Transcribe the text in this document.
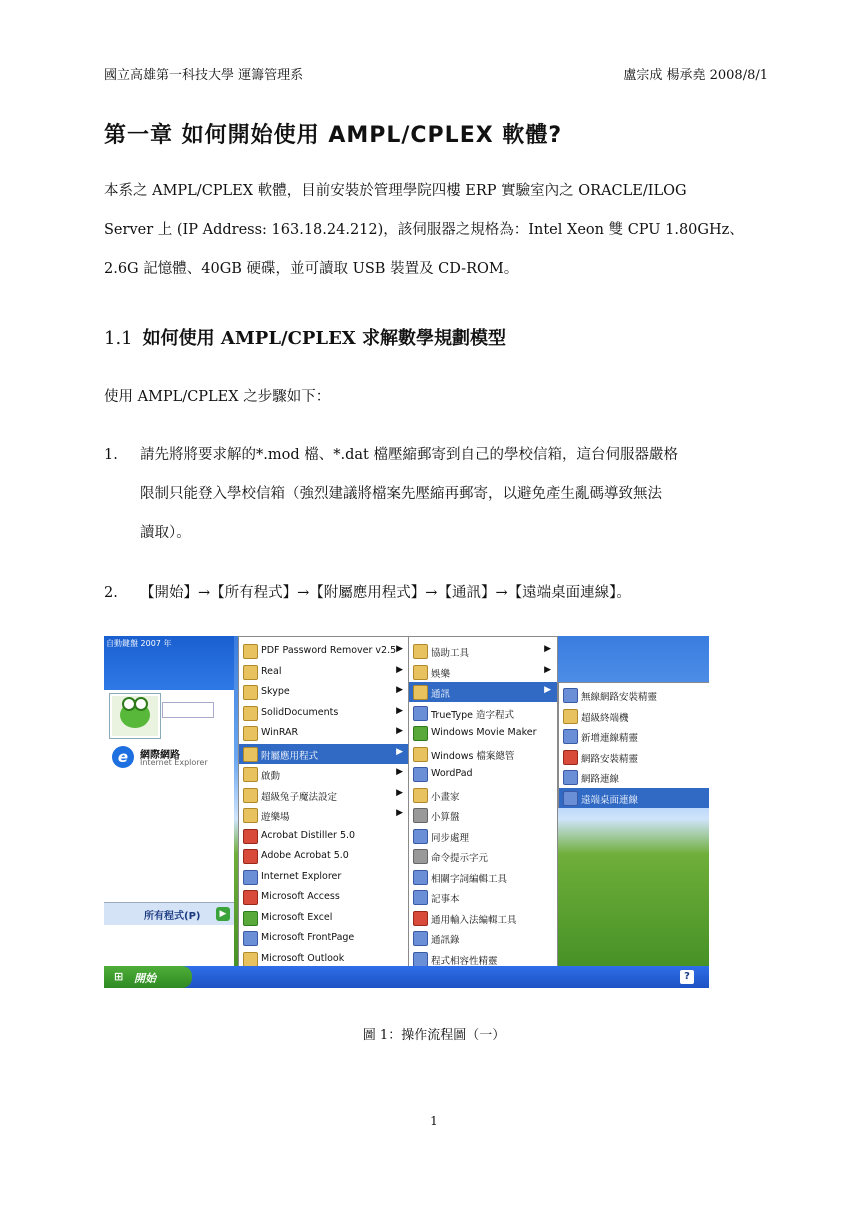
國立高雄第一科技大學 運籌管理系	盧宗成 楊承堯 2008/8/1
第一章 如何開始使用 AMPL/CPLEX 軟體?
本系之 AMPL/CPLEX 軟體，目前安裝於管理學院四樓 ERP 實驗室內之 ORACLE/ILOG
Server 上 (IP Address: 163.18.24.212)，該伺服器之規格為：Intel Xeon 雙 CPU 1.80GHz、
2.6G 記憶體、40GB 硬碟，並可讀取 USB 裝置及 CD-ROM。
1.1 如何使用 AMPL/CPLEX 求解數學規劃模型
使用 AMPL/CPLEX 之步驟如下：
1. 請先將將要求解的*.mod 檔、*.dat 檔壓縮郵寄到自己的學校信箱，這台伺服器嚴格
限制只能登入學校信箱（強烈建議將檔案先壓縮再郵寄，以避免產生亂碼導致無法
讀取）。
2. 【開始】→【所有程式】→【附屬應用程式】→【通訊】→【遠端桌面連線】。
自動鍵盤 2007 年
e	網際網路
Internet Explorer
所有程式(P)	▶
PDF Password Remover v2.5 ▶
Real	▶
Skype	▶
SolidDocuments	▶
WinRAR	▶
附屬應用程式	▶
啟動	▶
超級兔子魔法設定	▶
遊樂場	▶
Acrobat Distiller 5.0
Adobe Acrobat 5.0
Internet Explorer
Microsoft Access
Microsoft Excel
Microsoft FrontPage
Microsoft Outlook
協助工具	▶
娛樂	▶
通訊	▶
TrueType 造字程式
Windows Movie Maker
Windows 檔案總管
WordPad
小畫家
小算盤
同步處理
命令提示字元
相關字詞編輯工具
記事本
通用輸入法編輯工具
通訊錄
程式相容性精靈
無線網路安裝精靈
超級終端機
新增連線精靈
網路安裝精靈
網路連線
遠端桌面連線
⊞ 開始	?
圖 1：操作流程圖（一）
1
